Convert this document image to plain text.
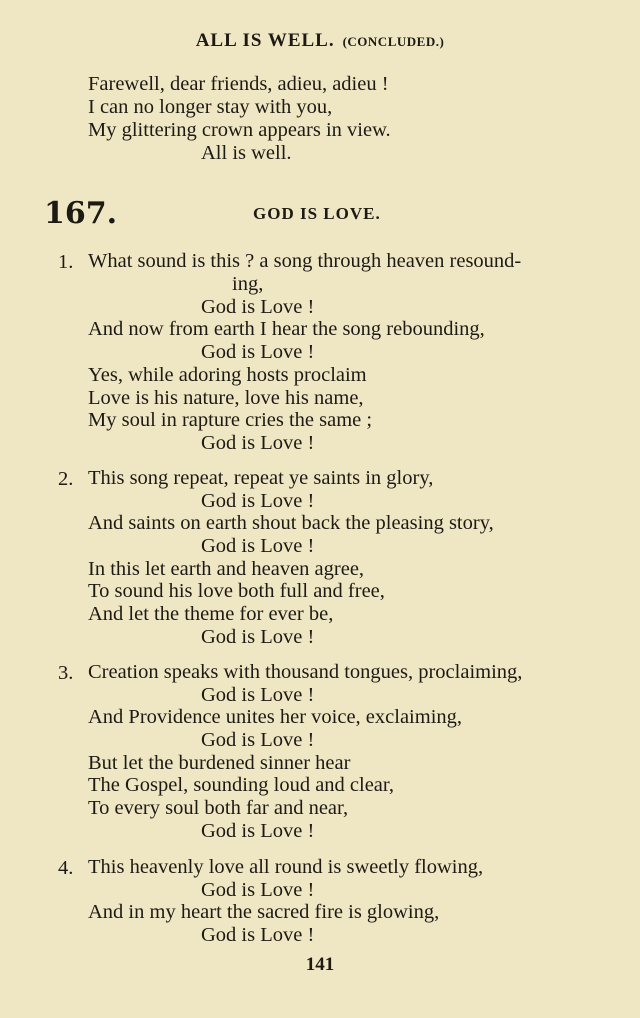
ALL IS WELL. (CONCLUDED.)
Farewell, dear friends, adieu, adieu !
I can no longer stay with you,
My glittering crown appears in view.
All is well.
167.	GOD IS LOVE.
1. What sound is this ? a song through heaven resound-
ing,
God is Love !
And now from earth I hear the song rebounding,
God is Love !
Yes, while adoring hosts proclaim
Love is his nature, love his name,
My soul in rapture cries the same ;
God is Love !
2. This song repeat, repeat ye saints in glory,
God is Love !
And saints on earth shout back the pleasing story,
God is Love !
In this let earth and heaven agree,
To sound his love both full and free,
And let the theme for ever be,
God is Love !
3. Creation speaks with thousand tongues, proclaiming,
God is Love !
And Providence unites her voice, exclaiming,
God is Love !
But let the burdened sinner hear
The Gospel, sounding loud and clear,
To every soul both far and near,
God is Love !
4. This heavenly love all round is sweetly flowing,
God is Love !
And in my heart the sacred fire is glowing,
God is Love !
141
